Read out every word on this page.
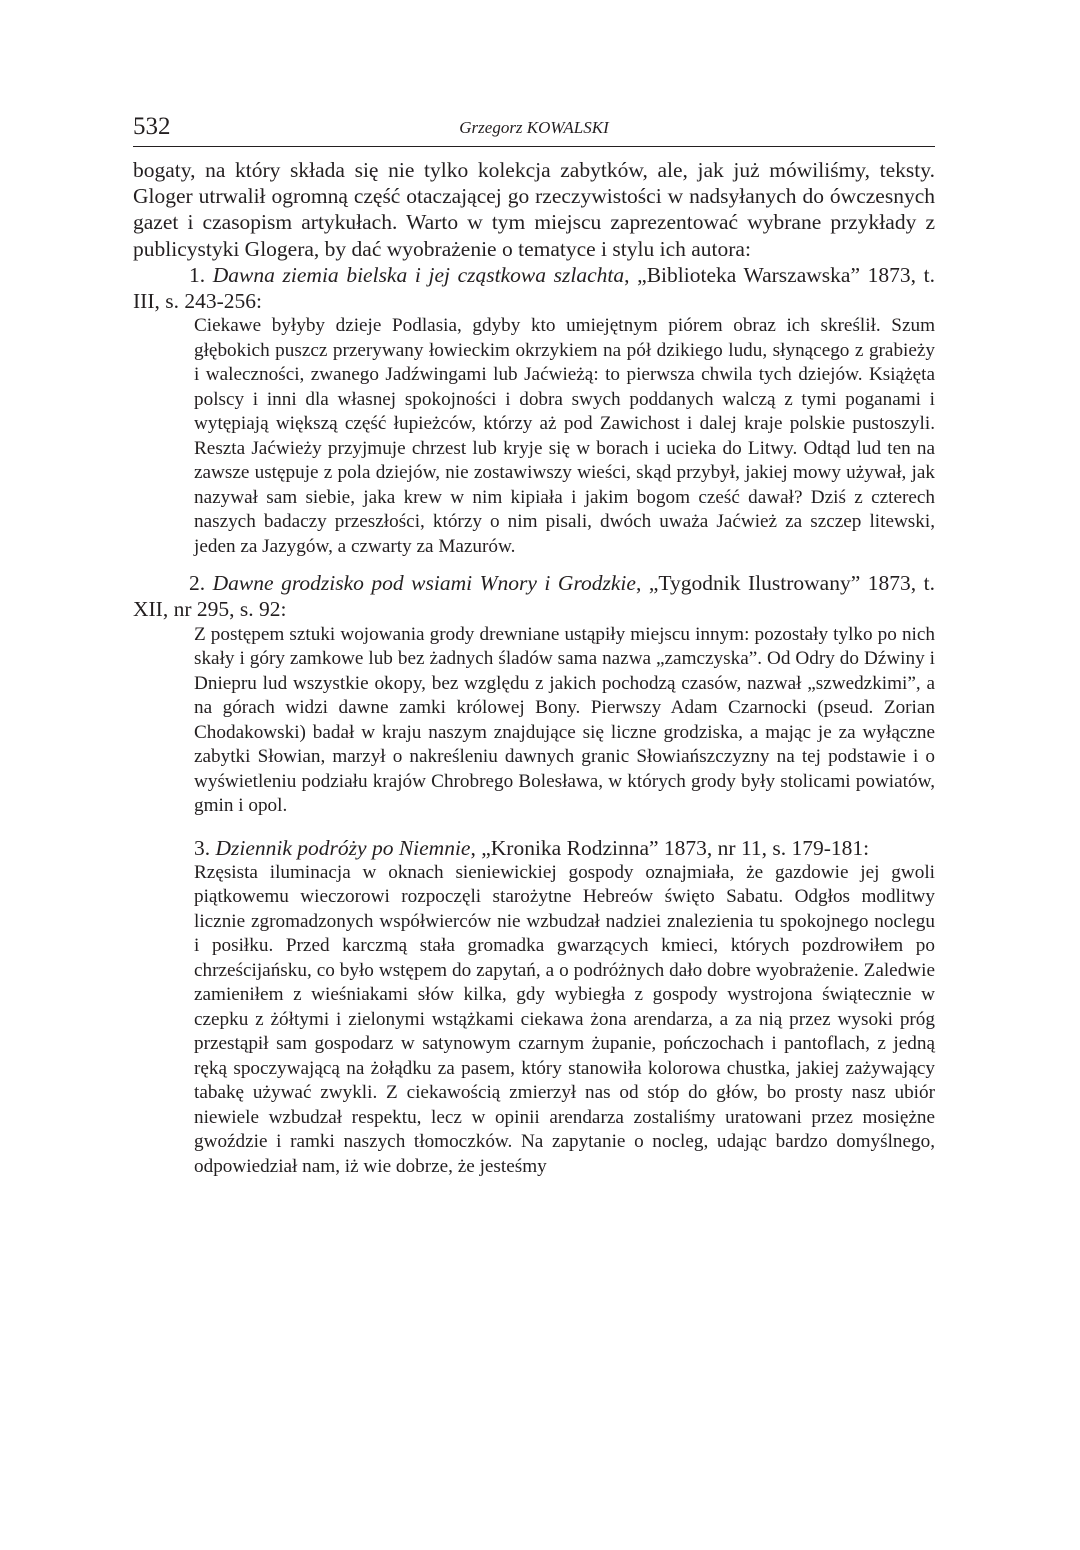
532	Grzegorz KOWALSKI

bogaty, na który składa się nie tylko kolekcja zabytków, ale, jak już mówiliśmy, teksty. Gloger utrwalił ogromną część otaczającej go rzeczywistości w nadsyłanych do ówczesnych gazet i czasopism artykułach. Warto w tym miejscu zaprezentować wybrane przykłady z publicystyki Glogera, by dać wyobrażenie o tematyce i stylu ich autora:

1. Dawna ziemia bielska i jej cząstkowa szlachta, „Biblioteka Warszawska” 1873, t. III, s. 243-256:

Ciekawe byłyby dzieje Podlasia, gdyby kto umiejętnym piórem obraz ich skreślił. Szum głębokich puszcz przerywany łowieckim okrzykiem na pół dzikiego ludu, słynącego z grabieży i waleczności, zwanego Jadźwingami lub Jaćwieżą: to pierwsza chwila tych dziejów. Książęta polscy i inni dla własnej spokojności i dobra swych poddanych walczą z tymi poganami i wytępiają większą część łupieżców, którzy aż pod Zawichost i dalej kraje polskie pustoszyli. Reszta Jaćwieży przyjmuje chrzest lub kryje się w borach i ucieka do Litwy. Odtąd lud ten na zawsze ustępuje z pola dziejów, nie zostawiwszy wieści, skąd przybył, jakiej mowy używał, jak nazywał sam siebie, jaka krew w nim kipiała i jakim bogom cześć dawał? Dziś z czterech naszych badaczy przeszłości, którzy o nim pisali, dwóch uważa Jaćwież za szczep litewski, jeden za Jazygów, a czwarty za Mazurów.

2. Dawne grodzisko pod wsiami Wnory i Grodzkie, „Tygodnik Ilustrowany” 1873, t. XII, nr 295, s. 92:

Z postępem sztuki wojowania grody drewniane ustąpiły miejscu innym: pozostały tylko po nich skały i góry zamkowe lub bez żadnych śladów sama nazwa „zamczyska”. Od Odry do Dźwiny i Dniepru lud wszystkie okopy, bez względu z jakich pochodzą czasów, nazwał „szwedzkimi”, a na górach widzi dawne zamki królowej Bony. Pierwszy Adam Czarnocki (pseud. Zorian Chodakowski) badał w kraju naszym znajdujące się liczne grodziska, a mając je za wyłączne zabytki Słowian, marzył o nakreśleniu dawnych granic Słowiańszczyzny na tej podstawie i o wyświetleniu podziału krajów Chrobrego Bolesława, w których grody były stolicami powiatów, gmin i opol.

3. Dziennik podróży po Niemnie, „Kronika Rodzinna” 1873, nr 11, s. 179-181:

Rzęsista iluminacja w oknach sieniewickiej gospody oznajmiała, że gazdowie jej gwoli piątkowemu wieczorowi rozpoczęli starożytne Hebreów święto Sabatu. Odgłos modlitwy licznie zgromadzonych współwierców nie wzbudzał nadziei znalezienia tu spokojnego noclegu i posiłku. Przed karczmą stała gromadka gwarzących kmieci, których pozdrowiłem po chrześcijańsku, co było wstępem do zapytań, a o podróżnych dało dobre wyobrażenie. Zaledwie zamieniłem z wieśniakami słów kilka, gdy wybiegła z gospody wystrojona świątecznie w czepku z żółtymi i zielonymi wstążkami ciekawa żona arendarza, a za nią przez wysoki próg przestąpił sam gospodarz w satynowym czarnym żupanie, pończochach i pantoflach, z jedną ręką spoczywającą na żołądku za pasem, który stanowiła kolorowa chustka, jakiej zażywający tabakę używać zwykli. Z ciekawością zmierzył nas od stóp do głów, bo prosty nasz ubiór niewiele wzbudzał respektu, lecz w opinii arendarza zostaliśmy uratowani przez mosiężne gwoździe i ramki naszych tłomoczków. Na zapytanie o nocleg, udając bardzo domyślnego, odpowiedział nam, iż wie dobrze, że jesteśmy
